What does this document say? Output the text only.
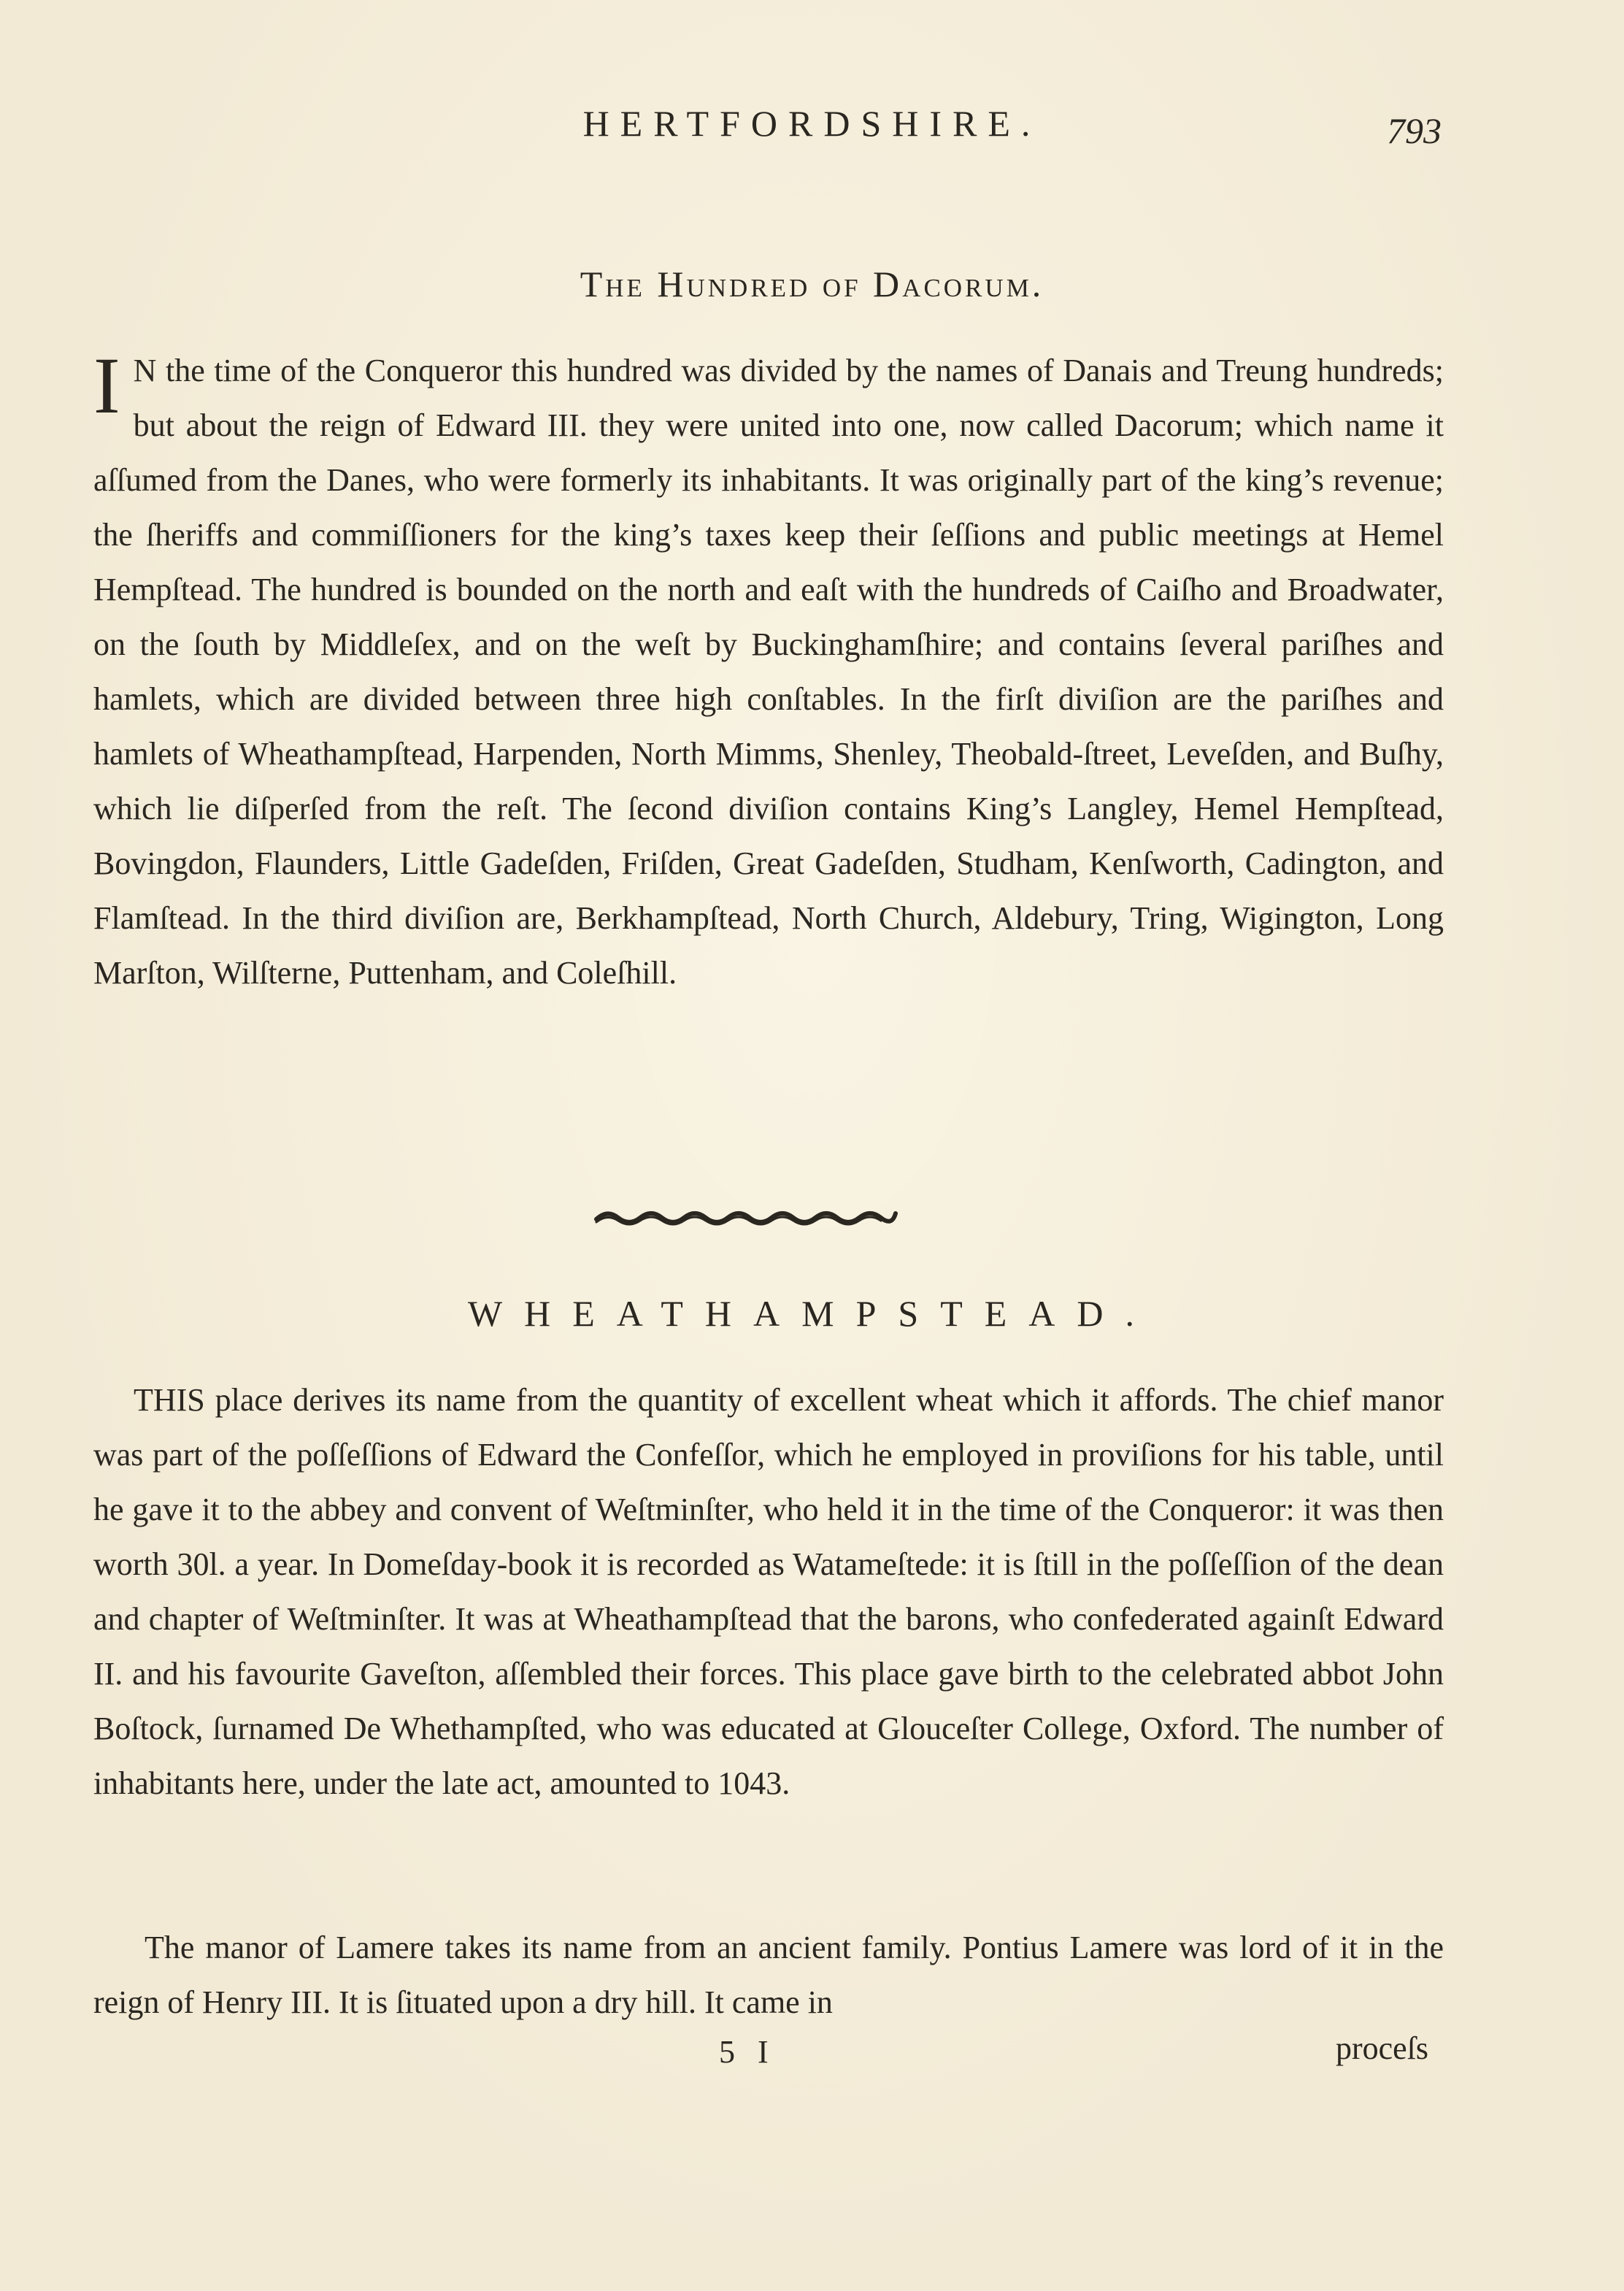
HERTFORDSHIRE.	793
The Hundred of Dacorum.
I N the time of the Conqueror this hundred was divided by the names of Danais and Treung hundreds; but about the reign of Edward III. they were united into one, now called Dacorum; which name it aſſumed from the Danes, who were formerly its inhabitants. It was originally part of the king’s revenue; the ſheriffs and commiſſioners for the king’s taxes keep their ſeſſions and public meetings at Hemel Hempſtead. The hundred is bounded on the north and eaſt with the hundreds of Caiſho and Broadwater, on the ſouth by Middleſex, and on the weſt by Buckinghamſhire; and contains ſeveral pariſhes and hamlets, which are divided between three high conſtables. In the firſt diviſion are the pariſhes and hamlets of Wheathampſtead, Harpenden, North Mimms, Shenley, Theobald-ſtreet, Leveſden, and Buſhy, which lie diſperſed from the reſt. The ſecond diviſion contains King’s Langley, Hemel Hempſtead, Bovingdon, Flaunders, Little Gadeſden, Friſden, Great Gadeſden, Studham, Kenſworth, Cadington, and Flamſtead. In the third diviſion are, Berkhampſtead, North Church, Aldebury, Tring, Wigington, Long Marſton, Wilſterne, Puttenham, and Coleſhill.
WHEATHAMPSTEAD.
THIS place derives its name from the quantity of excellent wheat which it affords. The chief manor was part of the poſſeſſions of Edward the Confeſſor, which he employed in proviſions for his table, until he gave it to the abbey and convent of Weſtminſter, who held it in the time of the Conqueror: it was then worth 30l. a year. In Domeſday-book it is recorded as Watameſtede: it is ſtill in the poſſeſſion of the dean and chapter of Weſtminſter. It was at Wheathampſtead that the barons, who confederated againſt Edward II. and his favourite Gaveſton, aſſembled their forces. This place gave birth to the celebrated abbot John Boſtock, ſurnamed De Whethampſted, who was educated at Glouceſter College, Oxford. The number of inhabitants here, under the late act, amounted to 1043.
The manor of Lamere takes its name from an ancient family. Pontius Lamere was lord of it in the reign of Henry III. It is ſituated upon a dry hill. It came in
5 I	proceſs
